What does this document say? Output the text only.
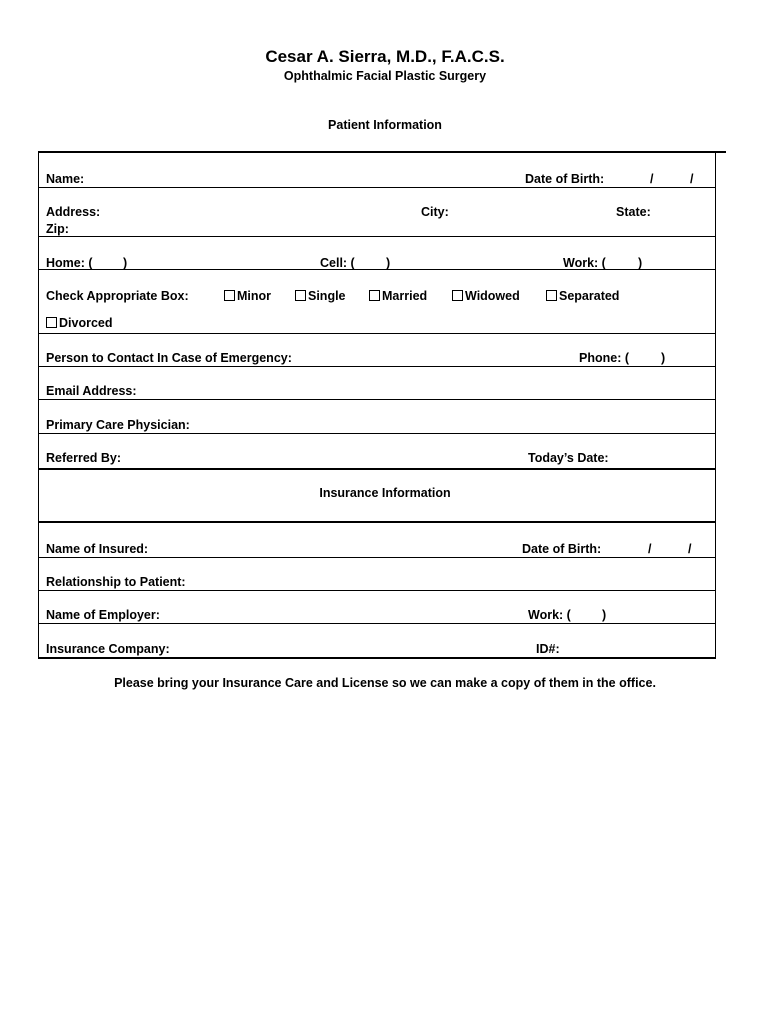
Cesar A. Sierra, M.D., F.A.C.S.
Ophthalmic Facial Plastic Surgery
Patient Information
Name:	Date of Birth:	/	/
Address:	City:	State:
Zip:
Home: ( )	Cell: (	)	Work: (	)
Check Appropriate Box:	Minor	Single	Married	Widowed	Separated
Divorced
Person to Contact In Case of Emergency:	Phone: (	)
Email Address:
Primary Care Physician:
Referred By:	Today’s Date:
Insurance Information
Name of Insured:	Date of Birth:	/	/
Relationship to Patient:
Name of Employer:	Work: ( )
Insurance Company:	ID#:
Please bring your Insurance Care and License so we can make a copy of them in the office.
